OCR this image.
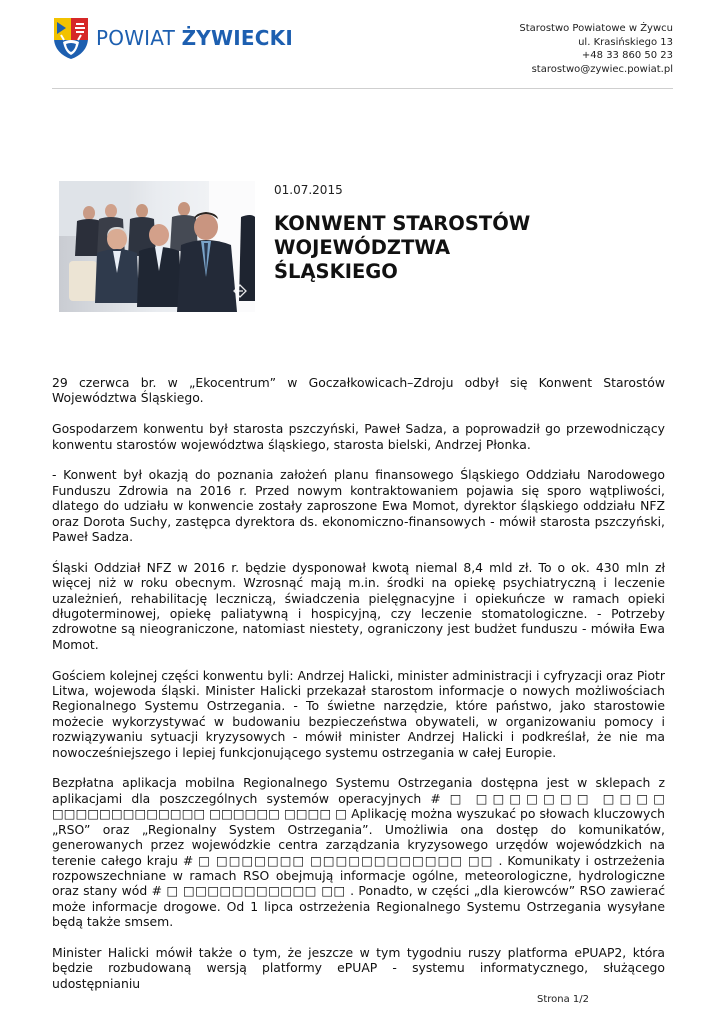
POWIAT ŻYWIECKI	Starostwo Powiatowe w Żywcu
ul. Krasińskiego 13
+48 33 860 50 23
starostwo@zywiec.powiat.pl
01.07.2015
KONWENT STAROSTÓW WOJEWÓDZTWA ŚLĄSKIEGO

29 czerwca br. w „Ekocentrum” w Goczałkowicach–Zdroju odbył się Konwent Starostów Województwa Śląskiego.

Gospodarzem konwentu był starosta pszczyński, Paweł Sadza, a poprowadził go przewodniczący konwentu starostów województwa śląskiego, starosta bielski, Andrzej Płonka.

- Konwent był okazją do poznania założeń planu finansowego Śląskiego Oddziału Narodowego Funduszu Zdrowia na 2016 r. Przed nowym kontraktowaniem pojawia się sporo wątpliwości, dlatego do udziału w konwencie zostały zaproszone Ewa Momot, dyrektor śląskiego oddziału NFZ oraz Dorota Suchy, zastępca dyrektora ds. ekonomiczno-finansowych - mówił starosta pszczyński, Paweł Sadza.

Śląski Oddział NFZ w 2016 r. będzie dysponował kwotą niemal 8,4 mld zł. To o ok. 430 mln zł więcej niż w roku obecnym. Wzrosnąć mają m.in. środki na opiekę psychiatryczną i leczenie uzależnień, rehabilitację leczniczą, świadczenia pielęgnacyjne i opiekuńcze w ramach opieki długoterminowej, opiekę paliatywną i hospicyjną, czy leczenie stomatologiczne. - Potrzeby zdrowotne są nieograniczone, natomiast niestety, ograniczony jest budżet funduszu - mówiła Ewa Momot.

Gościem kolejnej części konwentu byli: Andrzej Halicki, minister administracji i cyfryzacji oraz Piotr Litwa, wojewoda śląski. Minister Halicki przekazał starostom informacje o nowych możliwościach Regionalnego Systemu Ostrzegania. - To świetne narzędzie, które państwo, jako starostowie możecie wykorzystywać w budowaniu bezpieczeństwa obywateli, w organizowaniu pomocy i rozwiązywaniu sytuacji kryzysowych - mówił minister Andrzej Halicki i podkreślał, że nie ma nowocześniejszego i lepiej funkcjonującego systemu ostrzegania w całej Europie.

Bezpłatna aplikacja mobilna Regionalnego Systemu Ostrzegania dostępna jest w sklepach z aplikacjami dla poszczególnych systemów operacyjnych # □ □□□□□□□ □□□□ □□□□□□□□□□□□□ □□□□□□ □□□□ □ Aplikację można wyszukać po słowach kluczowych „RSO” oraz „Regionalny System Ostrzegania”. Umożliwia ona dostęp do komunikatów, generowanych przez wojewódzkie centra zarządzania kryzysowego urzędów wojewódzkich na terenie całego kraju # □ □□□□□□□ □□□□□□□□□□□□ □□ . Komunikaty i ostrzeżenia rozpowszechniane w ramach RSO obejmują informacje ogólne, meteorologiczne, hydrologiczne oraz stany wód # □ □□□□□□□□□□□ □□ . Ponadto, w części „dla kierowców” RSO zawierać może informacje drogowe. Od 1 lipca ostrzeżenia Regionalnego Systemu Ostrzegania wysyłane będą także smsem.

Minister Halicki mówił także o tym, że jeszcze w tym tygodniu ruszy platforma ePUAP2, która będzie rozbudowaną wersją platformy ePUAP - systemu informatycznego, służącego udostępnianiu

Strona 1/2
